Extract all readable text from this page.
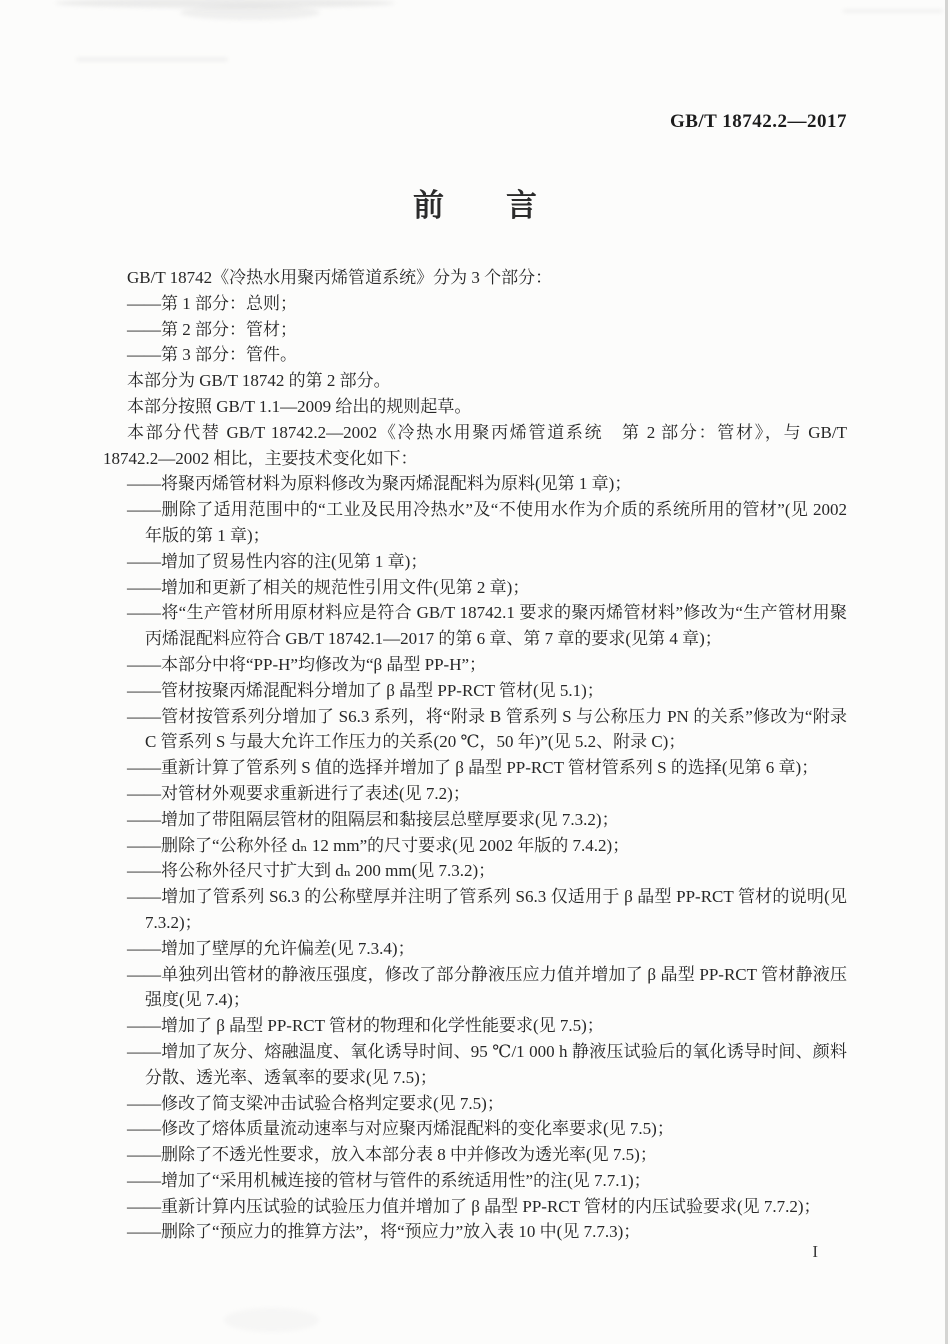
GB/T 18742.2—2017
前　　言

GB/T 18742《冷热水用聚丙烯管道系统》分为 3 个部分：

——第 1 部分：总则；

——第 2 部分：管材；

——第 3 部分：管件。

本部分为 GB/T 18742 的第 2 部分。

本部分按照 GB/T 1.1—2009 给出的规则起草。

本部分代替 GB/T 18742.2—2002《冷热水用聚丙烯管道系统　第 2 部分：管材》，与 GB/T 18742.2—2002 相比，主要技术变化如下：

——将聚丙烯管材料为原料修改为聚丙烯混配料为原料(见第 1 章)；

——删除了适用范围中的“工业及民用冷热水”及“不使用水作为介质的系统所用的管材”(见 2002 年版的第 1 章)；

——增加了贸易性内容的注(见第 1 章)；

——增加和更新了相关的规范性引用文件(见第 2 章)；

——将“生产管材所用原材料应是符合 GB/T 18742.1 要求的聚丙烯管材料”修改为“生产管材用聚丙烯混配料应符合 GB/T 18742.1—2017 的第 6 章、第 7 章的要求(见第 4 章)；

——本部分中将“PP-H”均修改为“β 晶型 PP-H”；

——管材按聚丙烯混配料分增加了 β 晶型 PP-RCT 管材(见 5.1)；

——管材按管系列分增加了 S6.3 系列，将“附录 B 管系列 S 与公称压力 PN 的关系”修改为“附录 C 管系列 S 与最大允许工作压力的关系(20 ℃，50 年)”(见 5.2、附录 C)；

——重新计算了管系列 S 值的选择并增加了 β 晶型 PP-RCT 管材管系列 S 的选择(见第 6 章)；

——对管材外观要求重新进行了表述(见 7.2)；

——增加了带阻隔层管材的阻隔层和黏接层总壁厚要求(见 7.3.2)；

——删除了“公称外径 dₙ 12 mm”的尺寸要求(见 2002 年版的 7.4.2)；

——将公称外径尺寸扩大到 dₙ 200 mm(见 7.3.2)；

——增加了管系列 S6.3 的公称壁厚并注明了管系列 S6.3 仅适用于 β 晶型 PP-RCT 管材的说明(见 7.3.2)；

——增加了壁厚的允许偏差(见 7.3.4)；

——单独列出管材的静液压强度，修改了部分静液压应力值并增加了 β 晶型 PP-RCT 管材静液压强度(见 7.4)；

——增加了 β 晶型 PP-RCT 管材的物理和化学性能要求(见 7.5)；

——增加了灰分、熔融温度、氧化诱导时间、95 ℃/1 000 h 静液压试验后的氧化诱导时间、颜料分散、透光率、透氧率的要求(见 7.5)；

——修改了简支梁冲击试验合格判定要求(见 7.5)；

——修改了熔体质量流动速率与对应聚丙烯混配料的变化率要求(见 7.5)；

——删除了不透光性要求，放入本部分表 8 中并修改为透光率(见 7.5)；

——增加了“采用机械连接的管材与管件的系统适用性”的注(见 7.7.1)；

——重新计算内压试验的试验压力值并增加了 β 晶型 PP-RCT 管材的内压试验要求(见 7.7.2)；

——删除了“预应力的推算方法”，将“预应力”放入表 10 中(见 7.7.3)；

I
